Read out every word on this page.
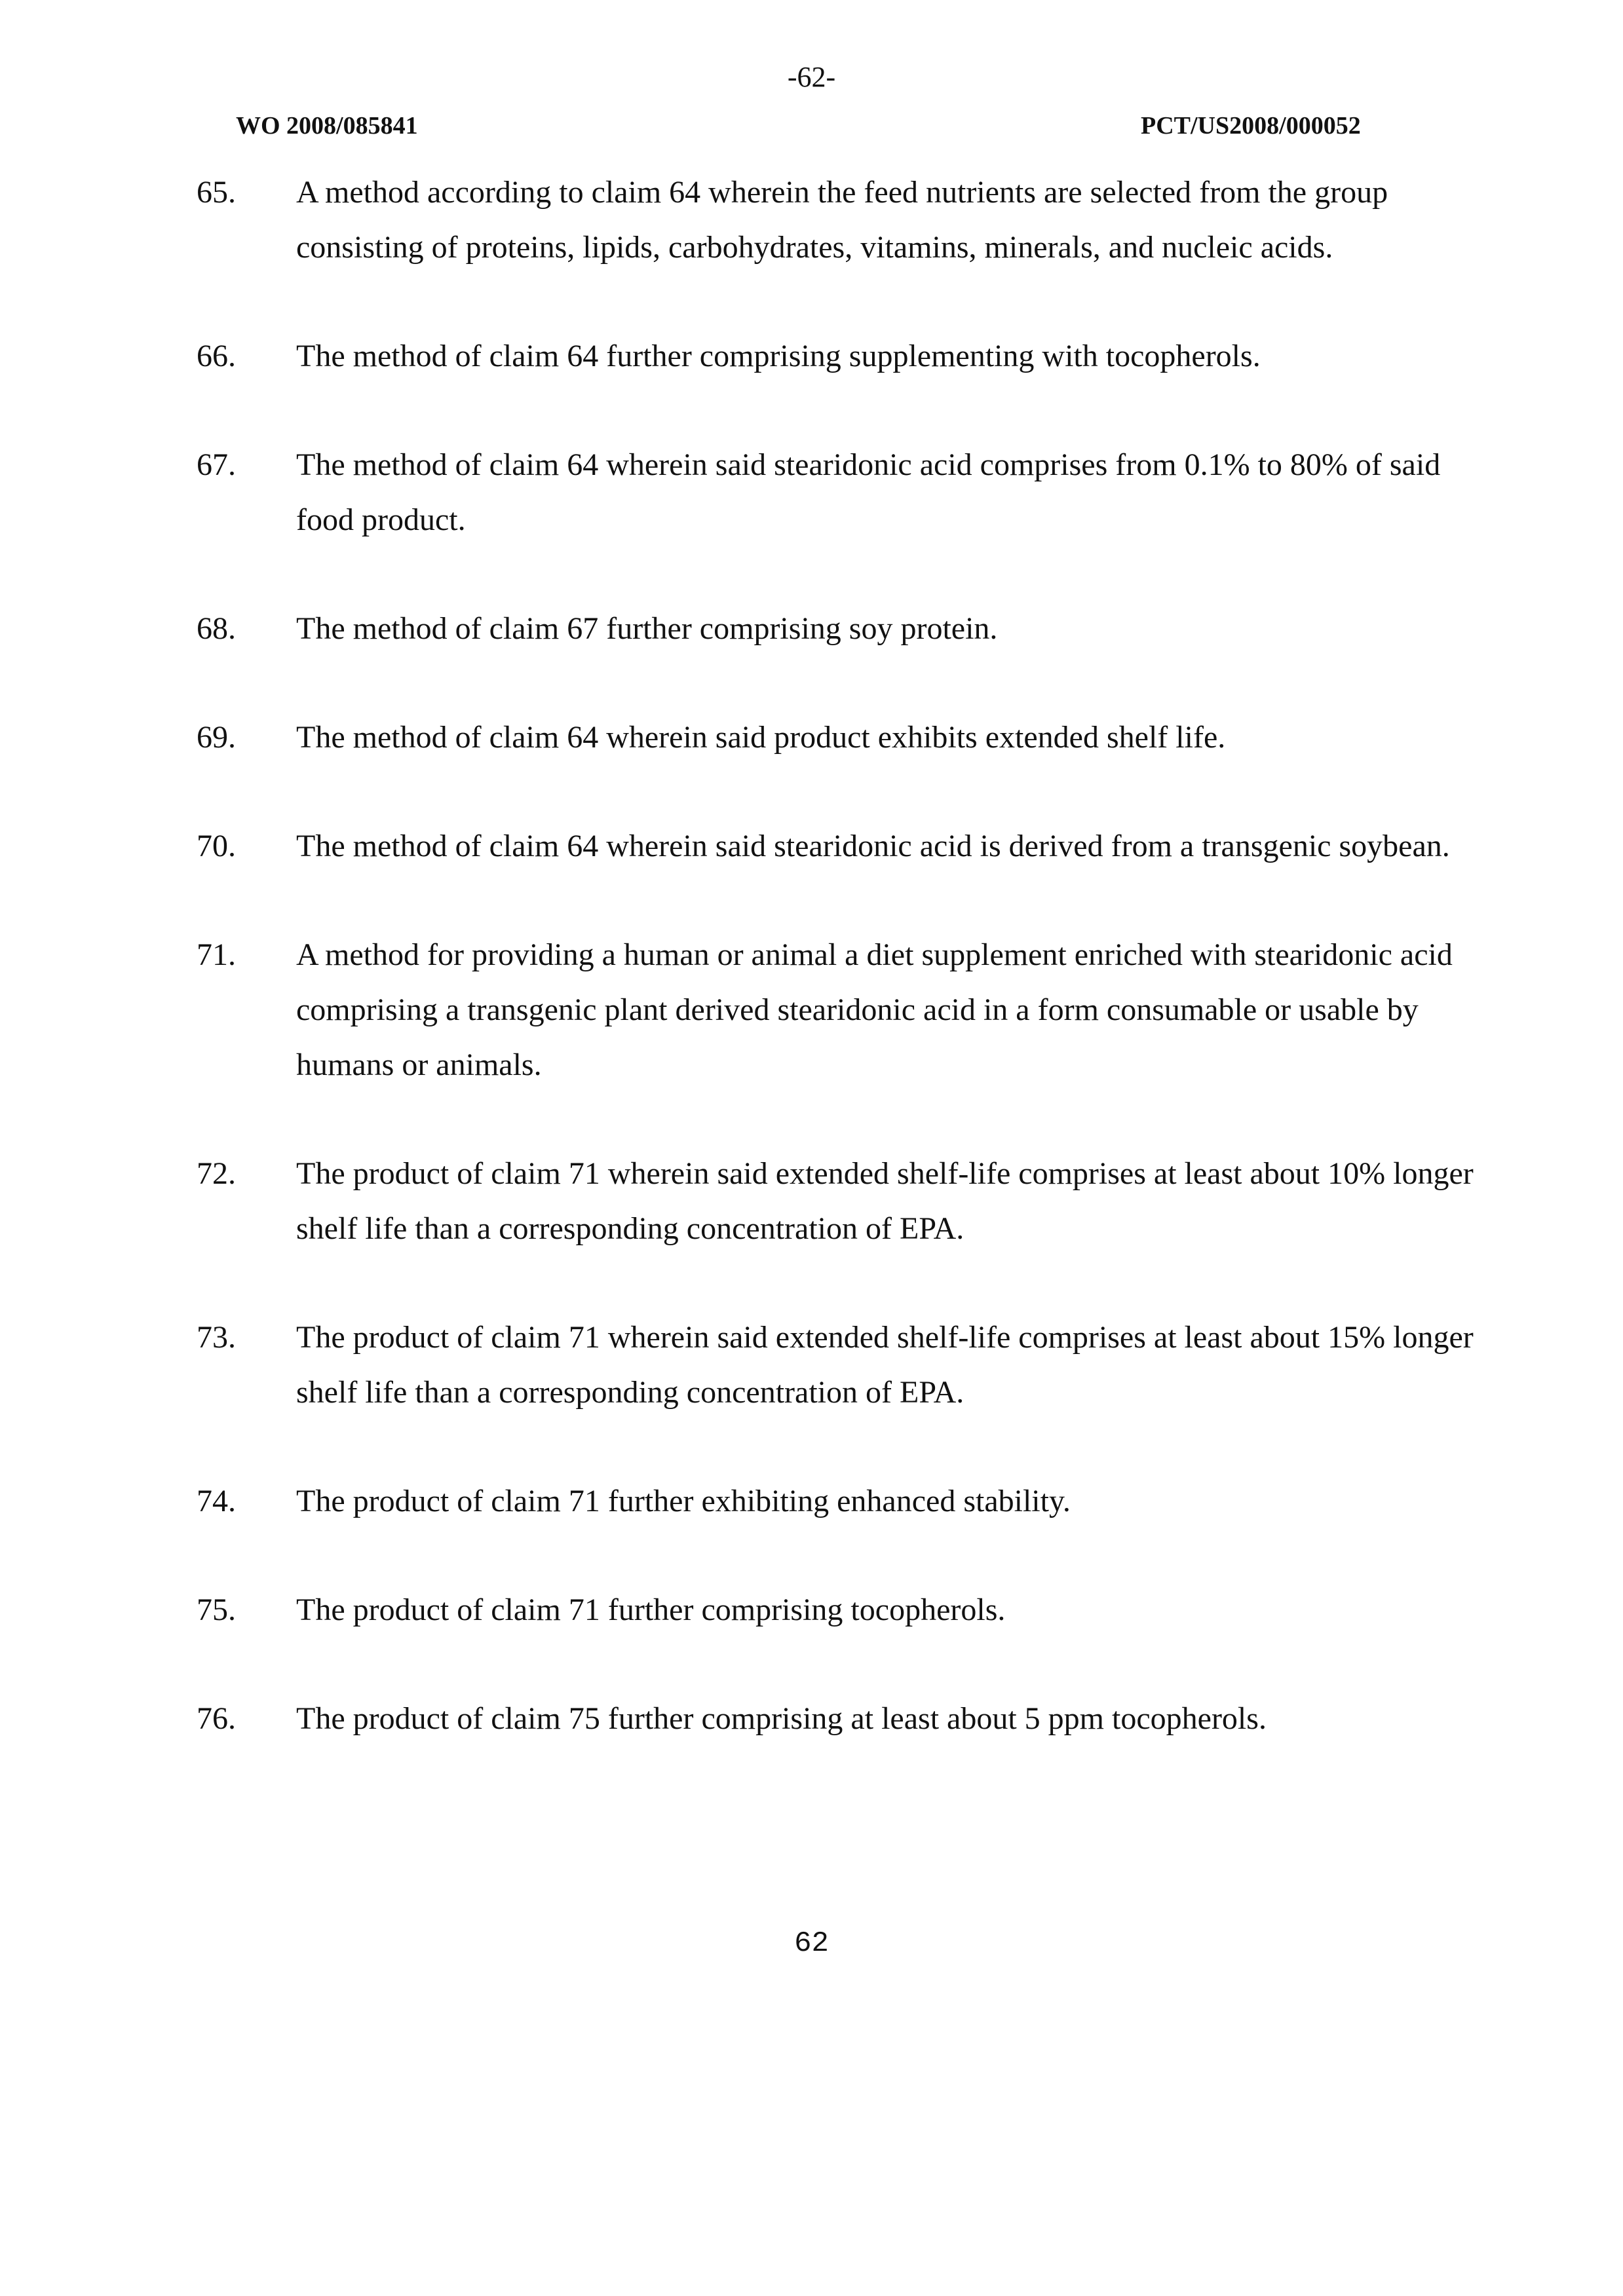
-62-
WO 2008/085841	PCT/US2008/000052
65.	A method according to claim 64 wherein the feed nutrients are selected from the group consisting of proteins, lipids, carbohydrates, vitamins, minerals, and nucleic acids.
66.	The method of claim 64 further comprising supplementing with tocopherols.
67.	The method of claim 64 wherein said stearidonic acid comprises from 0.1% to 80% of said food product.
68.	The method of claim 67 further comprising soy protein.
69.	The method of claim 64 wherein said product exhibits extended shelf life.
70.	The method of claim 64 wherein said stearidonic acid is derived from a transgenic soybean.
71.	A method for providing a human or animal a diet supplement enriched with stearidonic acid comprising a transgenic plant derived stearidonic acid in a form consumable or usable by humans or animals.
72.	The product of claim 71 wherein said extended shelf-life comprises at least about 10% longer shelf life than a corresponding concentration of EPA.
73.	The product of claim 71 wherein said extended shelf-life comprises at least about 15% longer shelf life than a corresponding concentration of EPA.
74.	The product of claim 71 further exhibiting enhanced stability.
75.	The product of claim 71 further comprising tocopherols.
76.	The product of claim 75 further comprising at least about 5 ppm tocopherols.
62
